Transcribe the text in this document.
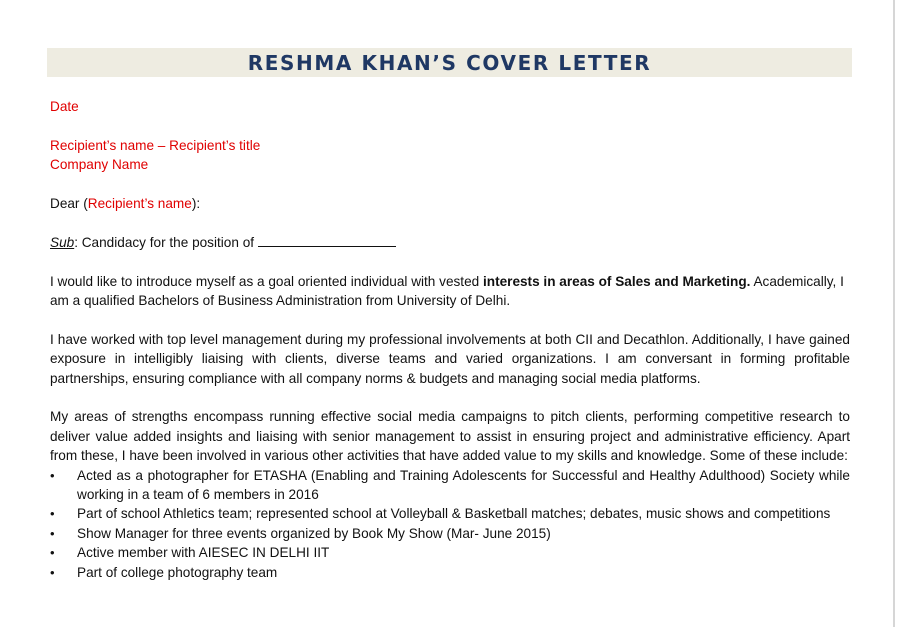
RESHMA KHAN’S COVER LETTER
Date
Recipient’s name – Recipient’s title
Company Name
Dear (Recipient’s name):
Sub: Candidacy for the position of
I would like to introduce myself as a goal oriented individual with vested interests in areas of Sales and Marketing. Academically, I am a qualified Bachelors of Business Administration from University of Delhi.
I have worked with top level management during my professional involvements at both CII and Decathlon. Additionally, I have gained exposure in intelligibly liaising with clients, diverse teams and varied organizations. I am conversant in forming profitable partnerships, ensuring compliance with all company norms & budgets and managing social media platforms.
My areas of strengths encompass running effective social media campaigns to pitch clients, performing competitive research to deliver value added insights and liaising with senior management to assist in ensuring project and administrative efficiency. Apart from these, I have been involved in various other activities that have added value to my skills and knowledge. Some of these include:
• Acted as a photographer for ETASHA (Enabling and Training Adolescents for Successful and Healthy Adulthood) Society while working in a team of 6 members in 2016
• Part of school Athletics team; represented school at Volleyball & Basketball matches; debates, music shows and competitions
• Show Manager for three events organized by Book My Show (Mar- June 2015)
• Active member with AIESEC IN DELHI IIT
• Part of college photography team
